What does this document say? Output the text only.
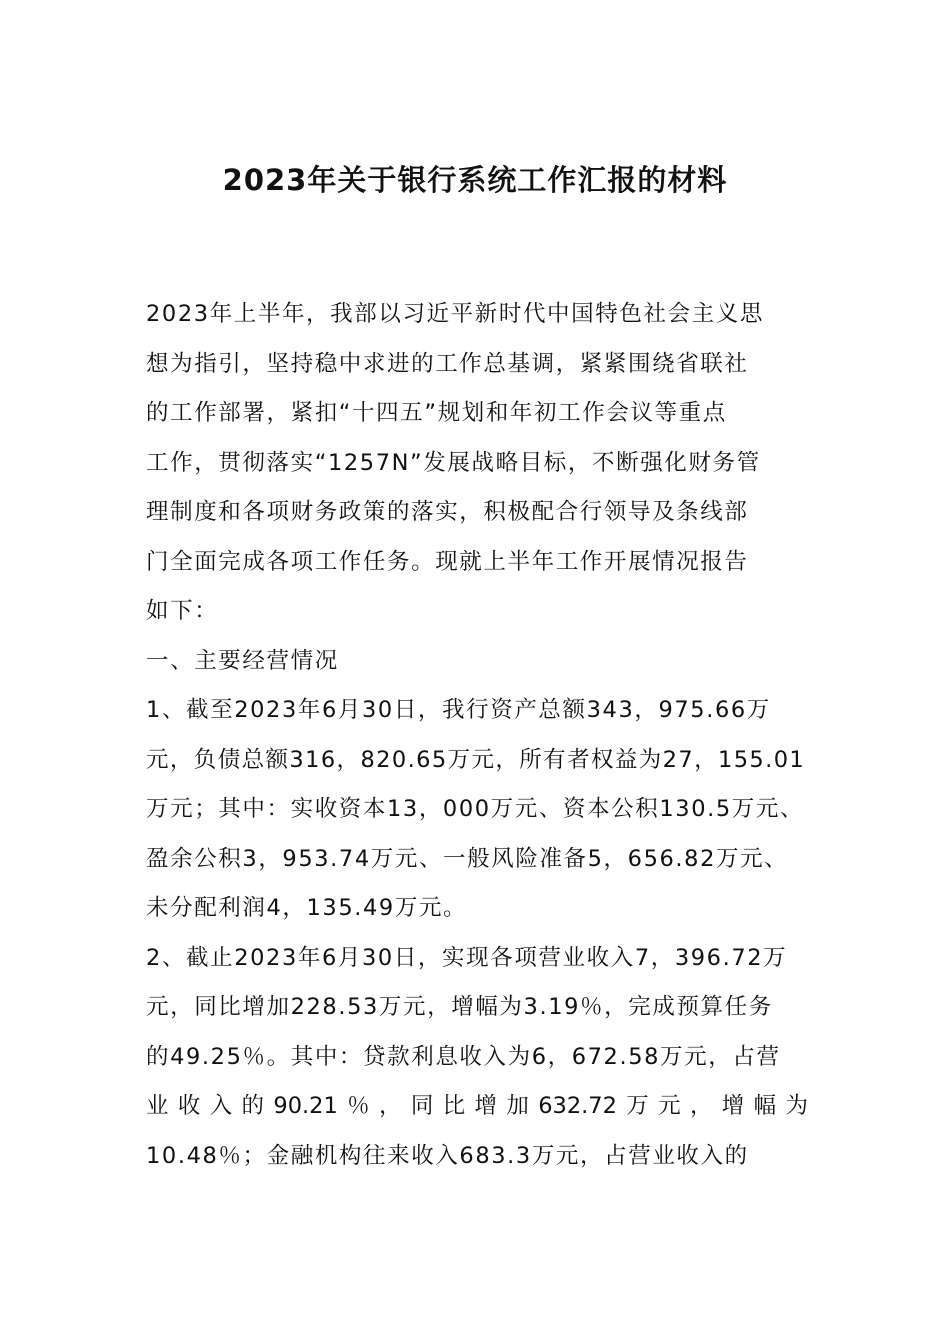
2023年关于银行系统工作汇报的材料
2023年上半年，我部以习近平新时代中国特色社会主义思
想为指引，坚持稳中求进的工作总基调，紧紧围绕省联社
的工作部署，紧扣“十四五”规划和年初工作会议等重点
工作，贯彻落实“1257N”发展战略目标，不断强化财务管
理制度和各项财务政策的落实，积极配合行领导及条线部
门全面完成各项工作任务。现就上半年工作开展情况报告
如下：
一、主要经营情况
1、截至2023年6月30日，我行资产总额343，975.66万
元，负债总额316，820.65万元，所有者权益为27，155.01
万元；其中：实收资本13，000万元、资本公积130.5万元、
盈余公积3，953.74万元、一般风险准备5，656.82万元、
未分配利润4，135.49万元。
2、截止2023年6月30日，实现各项营业收入7，396.72万
元，同比增加228.53万元，增幅为3.19％，完成预算任务
的49.25％。其中：贷款利息收入为6，672.58万元，占营
业收入的90.21％，同比增加632.72万元，增幅为
10.48％；金融机构往来收入683.3万元，占营业收入的
